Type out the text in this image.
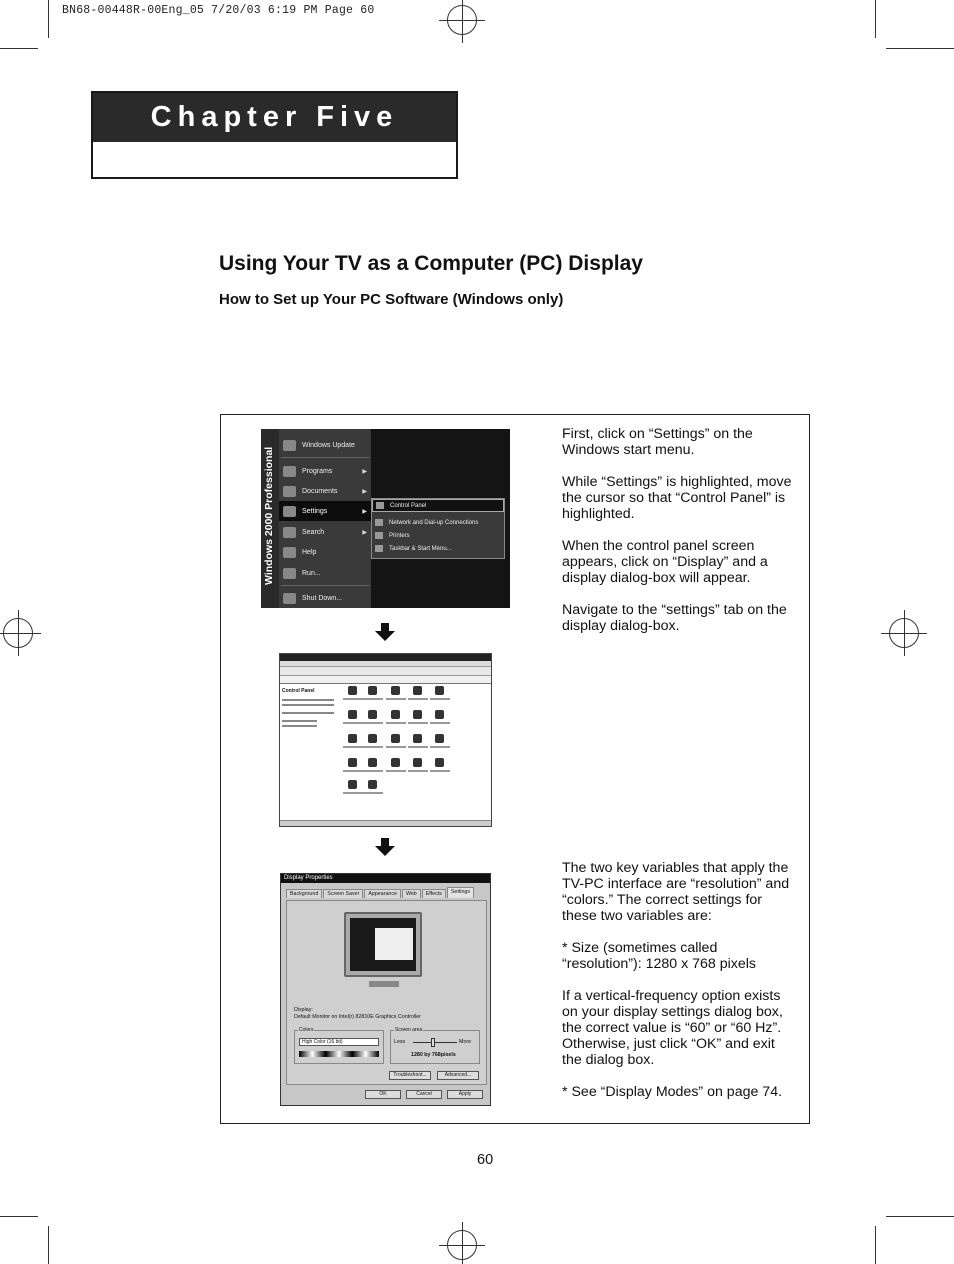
BN68-00448R-00Eng_05 7/20/03 6:19 PM Page 60
Chapter Five
Using Your TV as a Computer (PC) Display
How to Set up Your PC Software (Windows only)

First, click on “Settings” on the Windows start menu.

While “Settings” is highlighted, move the cursor so that “Control Panel” is highlighted.

When the control panel screen appears, click on “Display” and a display dialog-box will appear.

Navigate to the “settings” tab on the display dialog-box.

The two key variables that apply the TV-PC interface are “resolution” and “colors.” The correct settings for these two variables are:

* Size (sometimes called “resolution”): 1280 x 768 pixels

If a vertical-frequency option exists on your display settings dialog box, the correct value is “60” or “60 Hz”. Otherwise, just click “OK” and exit the dialog box.

* See “Display Modes” on page 74.

Windows 2000 Professional
Windows Update
Programs	▶
Documents	▶
Settings	▶
Search	▶
Help
Run...
Shut Down...
Control Panel
Network and Dial-up Connections
Printers
Taskbar & Start Menu...
Control Panel
Display Properties
Background	Screen Saver	Appearance	Web	Effects	Settings
Display:
Default Monitor on Intel(r) 82810E Graphics Controller
Colors
High Color (16 bit)
Screen area
Less	More
1280 by 768pixels
Troubleshoot...	Advanced...
OK	Cancel	Apply
60
